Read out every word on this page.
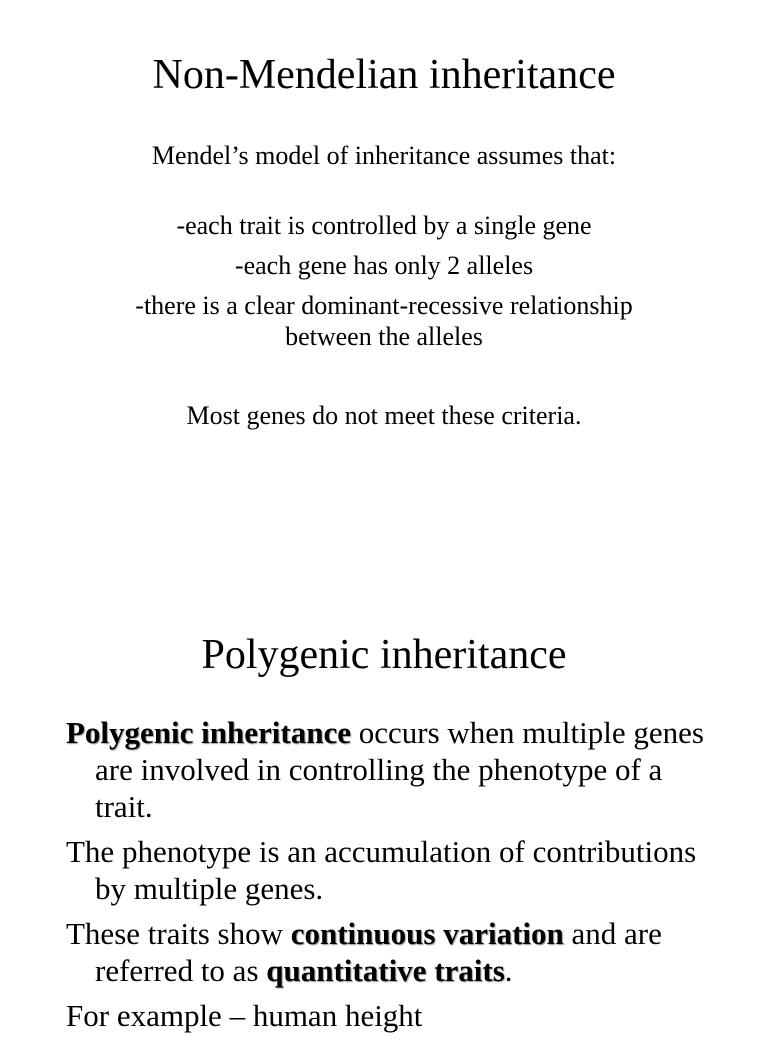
Non-Mendelian inheritance

Mendel’s model of inheritance assumes that:

-each trait is controlled by a single gene

-each gene has only 2 alleles

-there is a clear dominant-recessive relationship between the alleles

Most genes do not meet these criteria.

Polygenic inheritance

Polygenic inheritance occurs when multiple genes are involved in controlling the phenotype of a trait.

The phenotype is an accumulation of contributions by multiple genes.

These traits show continuous variation and are referred to as quantitative traits.

For example – human height
